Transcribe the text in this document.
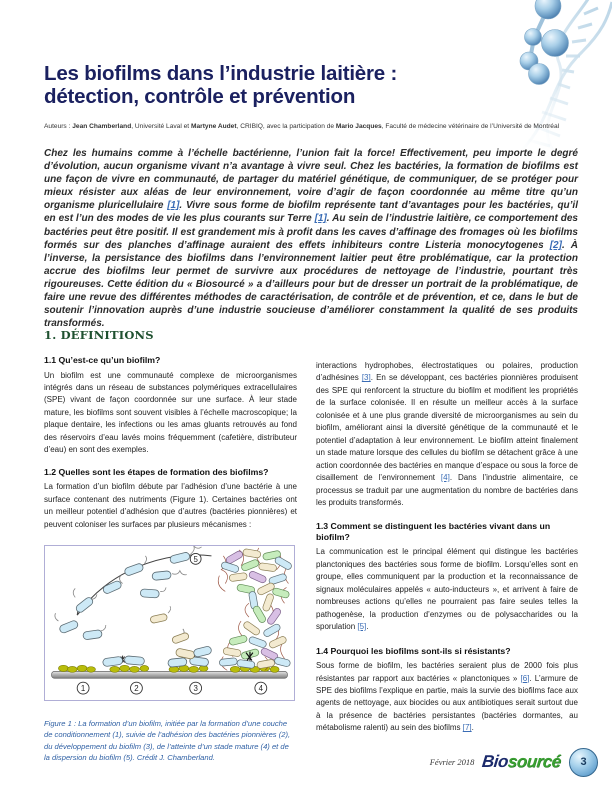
Les biofilms dans l’industrie laitière :
détection, contrôle et prévention
Auteurs : Jean Chamberland, Université Laval et Martyne Audet, CRIBIQ, avec la participation de Mario Jacques, Faculté de médecine vétérinaire de l’Université de Montréal
Chez les humains comme à l’échelle bactérienne, l’union fait la force! Effectivement, peu importe le degré d’évolution, aucun organisme vivant n’a avantage à vivre seul. Chez les bactéries, la formation de biofilms est une façon de vivre en communauté, de partager du matériel génétique, de communiquer, de se protéger pour mieux résister aux aléas de leur environnement, voire d’agir de façon coordonnée au même titre qu’un organisme pluricellulaire [1]. Vivre sous forme de biofilm représente tant d’avantages pour les bactéries, qu’il en est l’un des modes de vie les plus courants sur Terre [1]. Au sein de l’industrie laitière, ce comportement des bactéries peut être positif. Il est grandement mis à profit dans les caves d’affinage des fromages où les biofilms formés sur des planches d’affinage auraient des effets inhibiteurs contre Listeria monocytogenes [2]. À l’inverse, la persistance des biofilms dans l’environnement laitier peut être problématique, car la protection accrue des biofilms leur permet de survivre aux procédures de nettoyage de l’industrie, pourtant très rigoureuses. Cette édition du « Biosourcé » a d’ailleurs pour but de dresser un portrait de la problématique, de faire une revue des différentes méthodes de caractérisation, de contrôle et de prévention, et ce, dans le but de soutenir l’innovation auprès d’une industrie soucieuse d’améliorer constamment la qualité de ses produits transformés.
1. DÉFINITIONS
1.1 Qu’est-ce qu’un biofilm?

Un biofilm est une communauté complexe de microorganismes intégrés dans un réseau de substances polymériques extracellulaires (SPE) vivant de façon coordonnée sur une surface. À leur stade mature, les biofilms sont souvent visibles à l’échelle macroscopique; la plaque dentaire, les infections ou les amas gluants retrouvés au fond des réservoirs d’eau lavés moins fréquemment (cafetière, distributeur d’eau) en sont des exemples.

1.2 Quelles sont les étapes de formation des biofilms?

La formation d’un biofilm débute par l’adhésion d’une bactérie à une surface contenant des nutriments (Figure 1). Certaines bactéries ont un meilleur potentiel d’adhésion que d’autres (bactéries pionnières) et peuvent coloniser les surfaces par plusieurs mécanismes :

1	2	3	4
5
Figure 1 : La formation d’un biofilm, initiée par la formation d’une couche de conditionnement (1), suivie de l’adhésion des bactéries pionnières (2), du développement du biofilm (3), de l’atteinte d’un stade mature (4) et de la dispersion du biofilm (5). Crédit J. Chamberland.

interactions hydrophobes, électrostatiques ou polaires, production d’adhésines [3]. En se développant, ces bactéries pionnières produisent des SPE qui renforcent la structure du biofilm et modifient les propriétés de la surface colonisée. Il en résulte un meilleur accès à la surface colonisée et à une plus grande diversité de microorganismes au sein du biofilm, améliorant ainsi la diversité génétique de la communauté et le potentiel d’adaptation à leur environnement. Le biofilm atteint finalement un stade mature lorsque des cellules du biofilm se détachent grâce à une action coordonnée des bactéries en manque d’espace ou sous la force de cisaillement de l’environnement [4]. Dans l’industrie alimentaire, ce processus se traduit par une augmentation du nombre de bactéries dans les produits transformés.

1.3 Comment se distinguent les bactéries vivant dans un biofilm?

La communication est le principal élément qui distingue les bactéries planctoniques des bactéries sous forme de biofilm. Lorsqu’elles sont en groupe, elles communiquent par la production et la reconnaissance de signaux moléculaires appelés « auto-inducteurs », et arrivent à faire de nombreuses actions qu’elles ne pourraient pas faire seules telles la pathogenèse, la production d’enzymes ou de polysaccharides ou la sporulation [5].

1.4 Pourquoi les biofilms sont-ils si résistants?

Sous forme de biofilm, les bactéries seraient plus de 2000 fois plus résistantes par rapport aux bactéries « planctoniques » [6]. L’armure de SPE des biofilms l’explique en partie, mais la survie des biofilms face aux agents de nettoyage, aux biocides ou aux antibiotiques serait surtout due à la présence de bactéries persistantes (bactéries dormantes, au métabolisme ralenti) au sein des biofilms [7].

Février 2018 Biosourcé	3
